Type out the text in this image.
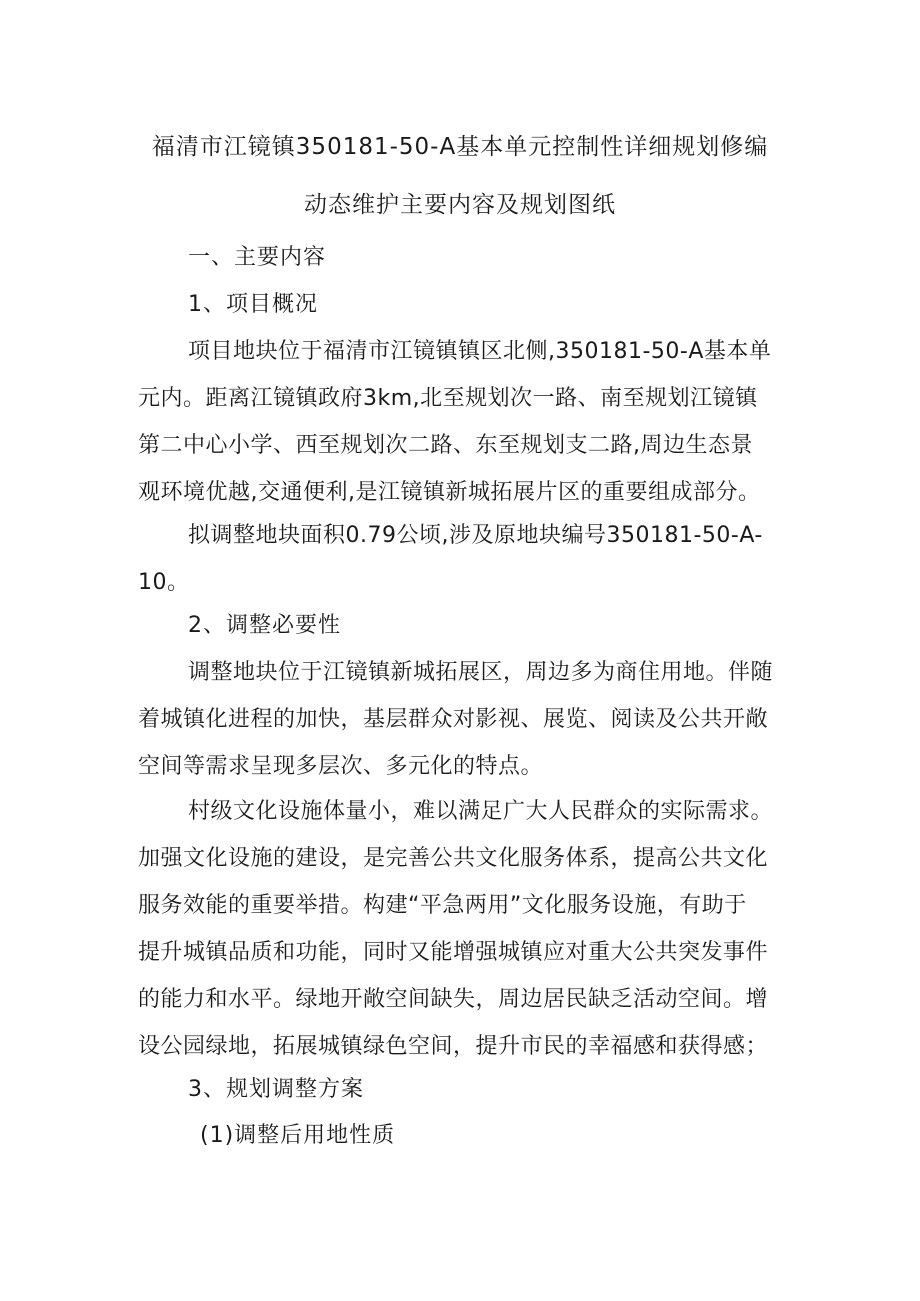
福清市江镜镇350181-50-A基本单元控制性详细规划修编
动态维护主要内容及规划图纸
一、主要内容
1、项目概况
项目地块位于福清市江镜镇镇区北侧,350181-50-A基本单
元内。距离江镜镇政府3km,北至规划次一路、南至规划江镜镇
第二中心小学、西至规划次二路、东至规划支二路,周边生态景
观环境优越,交通便利,是江镜镇新城拓展片区的重要组成部分。
拟调整地块面积0.79公顷,涉及原地块编号350181-50-A-
10。
2、调整必要性
调整地块位于江镜镇新城拓展区，周边多为商住用地。伴随
着城镇化进程的加快，基层群众对影视、展览、阅读及公共开敞
空间等需求呈现多层次、多元化的特点。
村级文化设施体量小，难以满足广大人民群众的实际需求。
加强文化设施的建设，是完善公共文化服务体系，提高公共文化
服务效能的重要举措。构建“平急两用”文化服务设施，有助于
提升城镇品质和功能，同时又能增强城镇应对重大公共突发事件
的能力和水平。绿地开敞空间缺失，周边居民缺乏活动空间。增
设公园绿地，拓展城镇绿色空间，提升市民的幸福感和获得感；
3、规划调整方案
(1)调整后用地性质
